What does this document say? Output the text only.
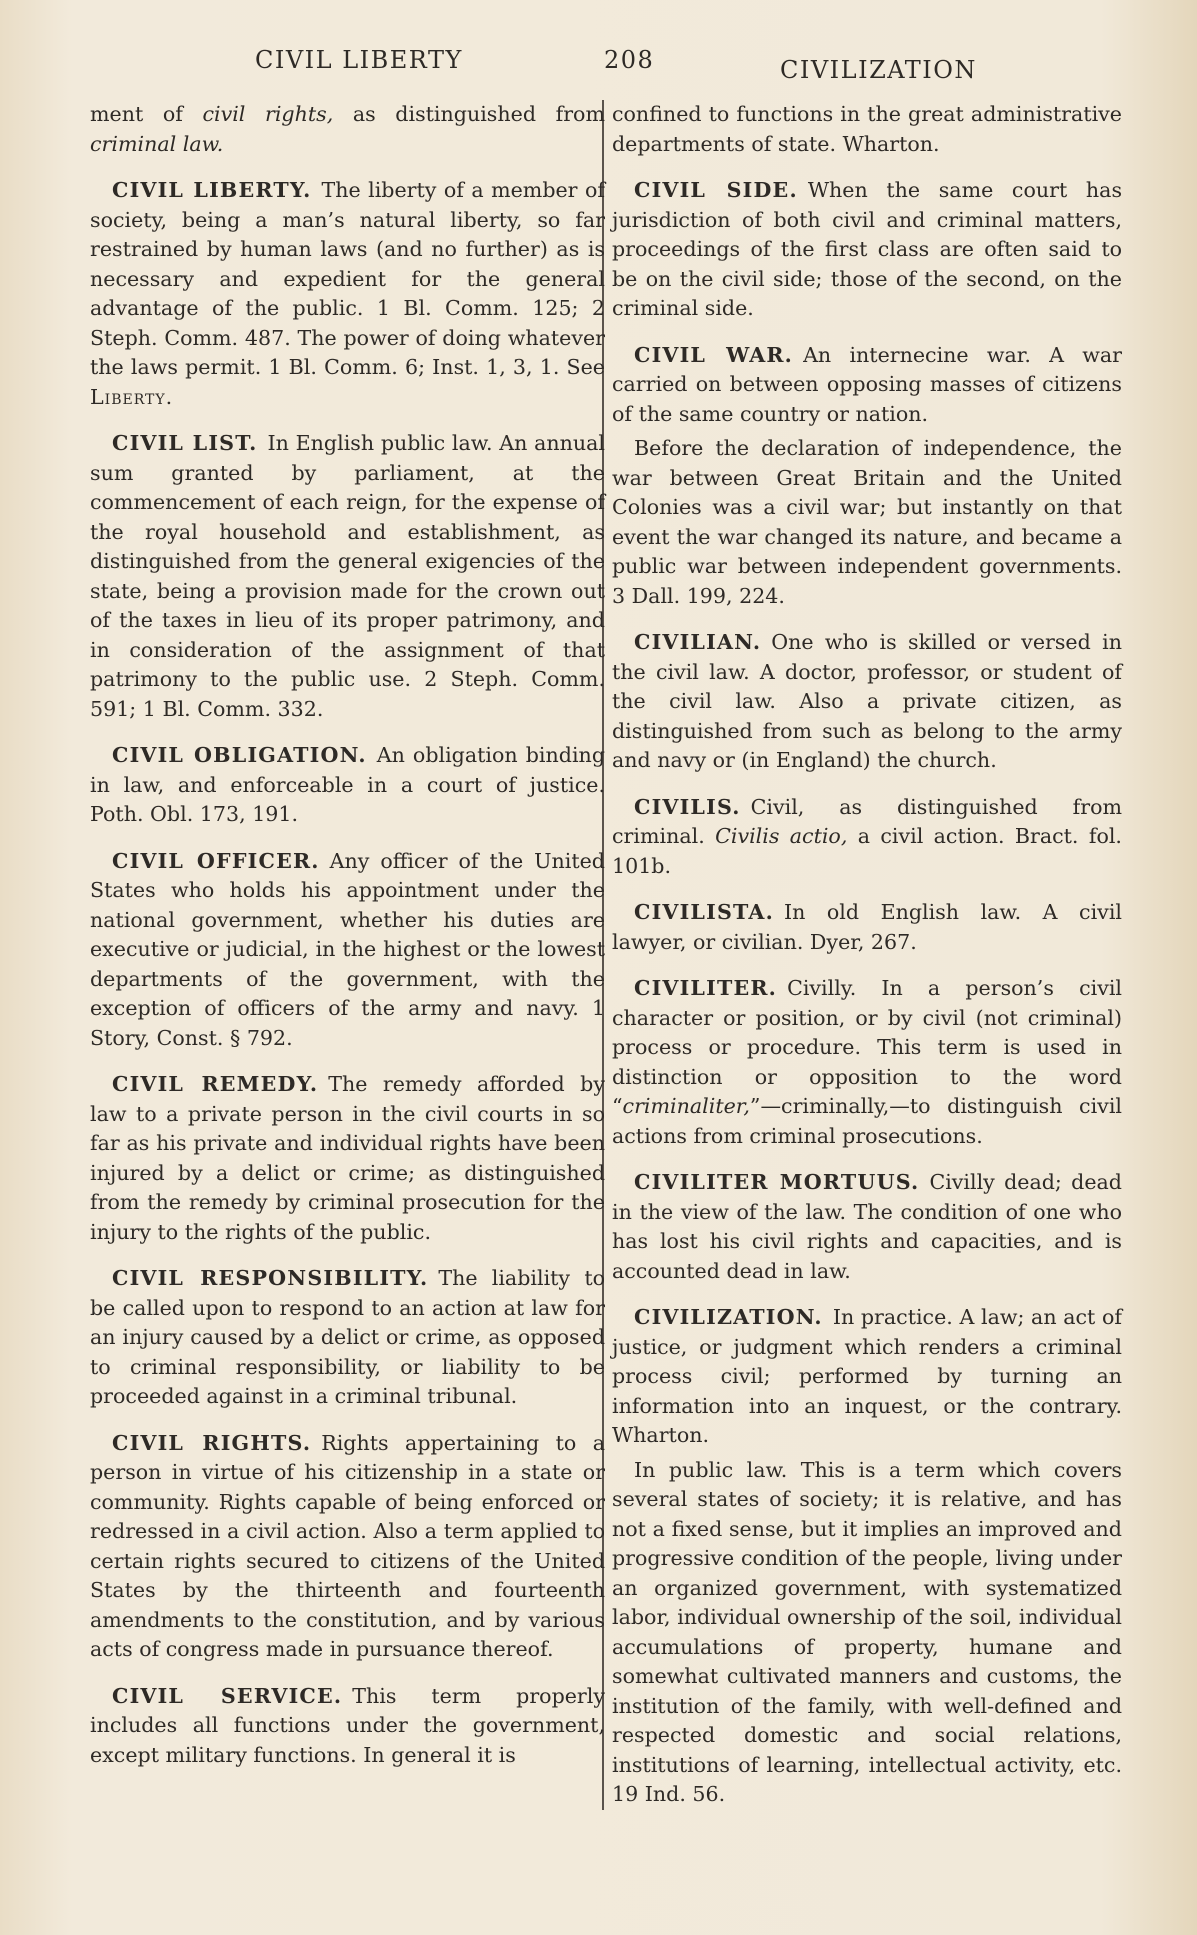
CIVIL LIBERTY	208	CIVILIZATION

ment of civil rights, as distinguished from criminal law.

CIVIL LIBERTY. The liberty of a member of society, being a man’s natural liberty, so far restrained by human laws (and no further) as is necessary and expedient for the general advantage of the public. 1 Bl. Comm. 125; 2 Steph. Comm. 487. The power of doing whatever the laws permit. 1 Bl. Comm. 6; Inst. 1, 3, 1. See Liberty.

CIVIL LIST. In English public law. An annual sum granted by parliament, at the commencement of each reign, for the expense of the royal household and establishment, as distinguished from the general exigencies of the state, being a provision made for the crown out of the taxes in lieu of its proper patrimony, and in consideration of the assignment of that patrimony to the public use. 2 Steph. Comm. 591; 1 Bl. Comm. 332.

CIVIL OBLIGATION. An obligation binding in law, and enforceable in a court of justice. Poth. Obl. 173, 191.

CIVIL OFFICER. Any officer of the United States who holds his appointment under the national government, whether his duties are executive or judicial, in the highest or the lowest departments of the government, with the exception of officers of the army and navy. 1 Story, Const. § 792.

CIVIL REMEDY. The remedy afforded by law to a private person in the civil courts in so far as his private and individual rights have been injured by a delict or crime; as distinguished from the remedy by criminal prosecution for the injury to the rights of the public.

CIVIL RESPONSIBILITY. The liability to be called upon to respond to an action at law for an injury caused by a delict or crime, as opposed to criminal responsibility, or liability to be proceeded against in a criminal tribunal.

CIVIL RIGHTS. Rights appertaining to a person in virtue of his citizenship in a state or community. Rights capable of being enforced or redressed in a civil action. Also a term applied to certain rights secured to citizens of the United States by the thirteenth and fourteenth amendments to the constitution, and by various acts of congress made in pursuance thereof.

CIVIL SERVICE. This term properly includes all functions under the government, except military functions. In general it is

confined to functions in the great administrative departments of state. Wharton.

CIVIL SIDE. When the same court has jurisdiction of both civil and criminal matters, proceedings of the first class are often said to be on the civil side; those of the second, on the criminal side.

CIVIL WAR. An internecine war. A war carried on between opposing masses of citizens of the same country or nation.

Before the declaration of independence, the war between Great Britain and the United Colonies was a civil war; but instantly on that event the war changed its nature, and became a public war between independent governments. 3 Dall. 199, 224.

CIVILIAN. One who is skilled or versed in the civil law. A doctor, professor, or student of the civil law. Also a private citizen, as distinguished from such as belong to the army and navy or (in England) the church.

CIVILIS. Civil, as distinguished from criminal. Civilis actio, a civil action. Bract. fol. 101b.

CIVILISTA. In old English law. A civil lawyer, or civilian. Dyer, 267.

CIVILITER. Civilly. In a person’s civil character or position, or by civil (not criminal) process or procedure. This term is used in distinction or opposition to the word “criminaliter,”—criminally,—to distinguish civil actions from criminal prosecutions.

CIVILITER MORTUUS. Civilly dead; dead in the view of the law. The condition of one who has lost his civil rights and capacities, and is accounted dead in law.

CIVILIZATION. In practice. A law; an act of justice, or judgment which renders a criminal process civil; performed by turning an information into an inquest, or the contrary. Wharton.

In public law. This is a term which covers several states of society; it is relative, and has not a fixed sense, but it implies an improved and progressive condition of the people, living under an organized government, with systematized labor, individual ownership of the soil, individual accumulations of property, humane and somewhat cultivated manners and customs, the institution of the family, with well-defined and respected domestic and social relations, institutions of learning, intellectual activity, etc. 19 Ind. 56.
